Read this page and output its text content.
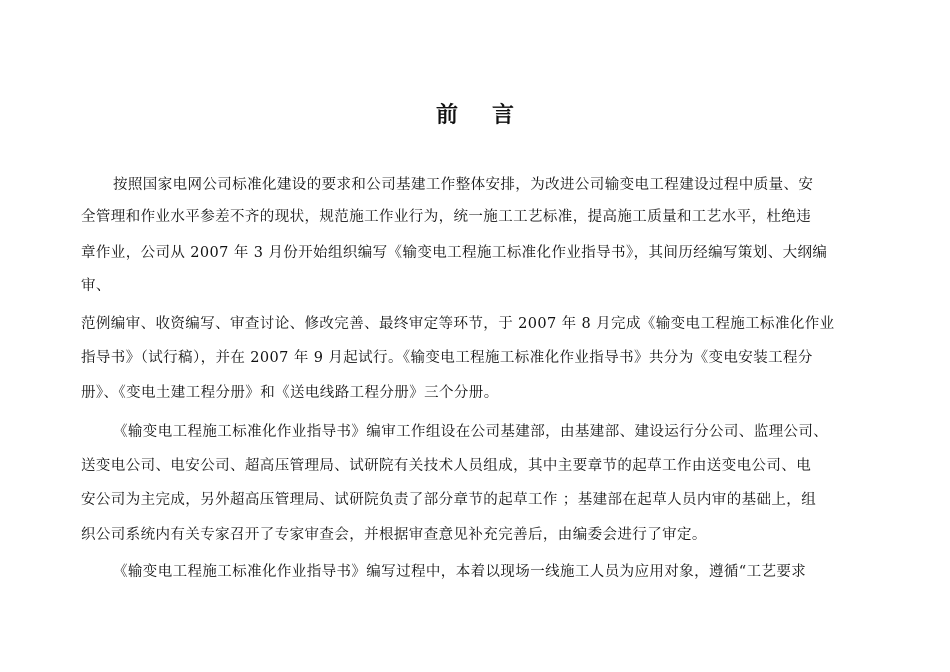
前 言
按照国家电网公司标准化建设的要求和公司基建工作整体安排，为改进公司输变电工程建设过程中质量、安
全管理和作业水平参差不齐的现状，规范施工作业行为，统一施工工艺标准，提高施工质量和工艺水平，杜绝违
章作业，公司从 2007 年 3 月份开始组织编写《输变电工程施工标准化作业指导书》，其间历经编写策划、大纲编
审、
范例编审、收资编写、审查讨论、修改完善、最终审定等环节，于 2007 年 8 月完成《输变电工程施工标准化作业
指导书》（试行稿），并在 2007 年 9 月起试行。《输变电工程施工标准化作业指导书》共分为《变电安装工程分
册》、《变电土建工程分册》和《送电线路工程分册》三个分册。
《输变电工程施工标准化作业指导书》编审工作组设在公司基建部，由基建部、建设运行分公司、监理公司、
送变电公司、电安公司、超高压管理局、试研院有关技术人员组成，其中主要章节的起草工作由送变电公司、电
安公司为主完成，另外超高压管理局、试研院负责了部分章节的起草工作 ；基建部在起草人员内审的基础上，组
织公司系统内有关专家召开了专家审查会，并根据审查意见补充完善后，由编委会进行了审定。
《输变电工程施工标准化作业指导书》编写过程中，本着以现场一线施工人员为应用对象，遵循“工艺要求
